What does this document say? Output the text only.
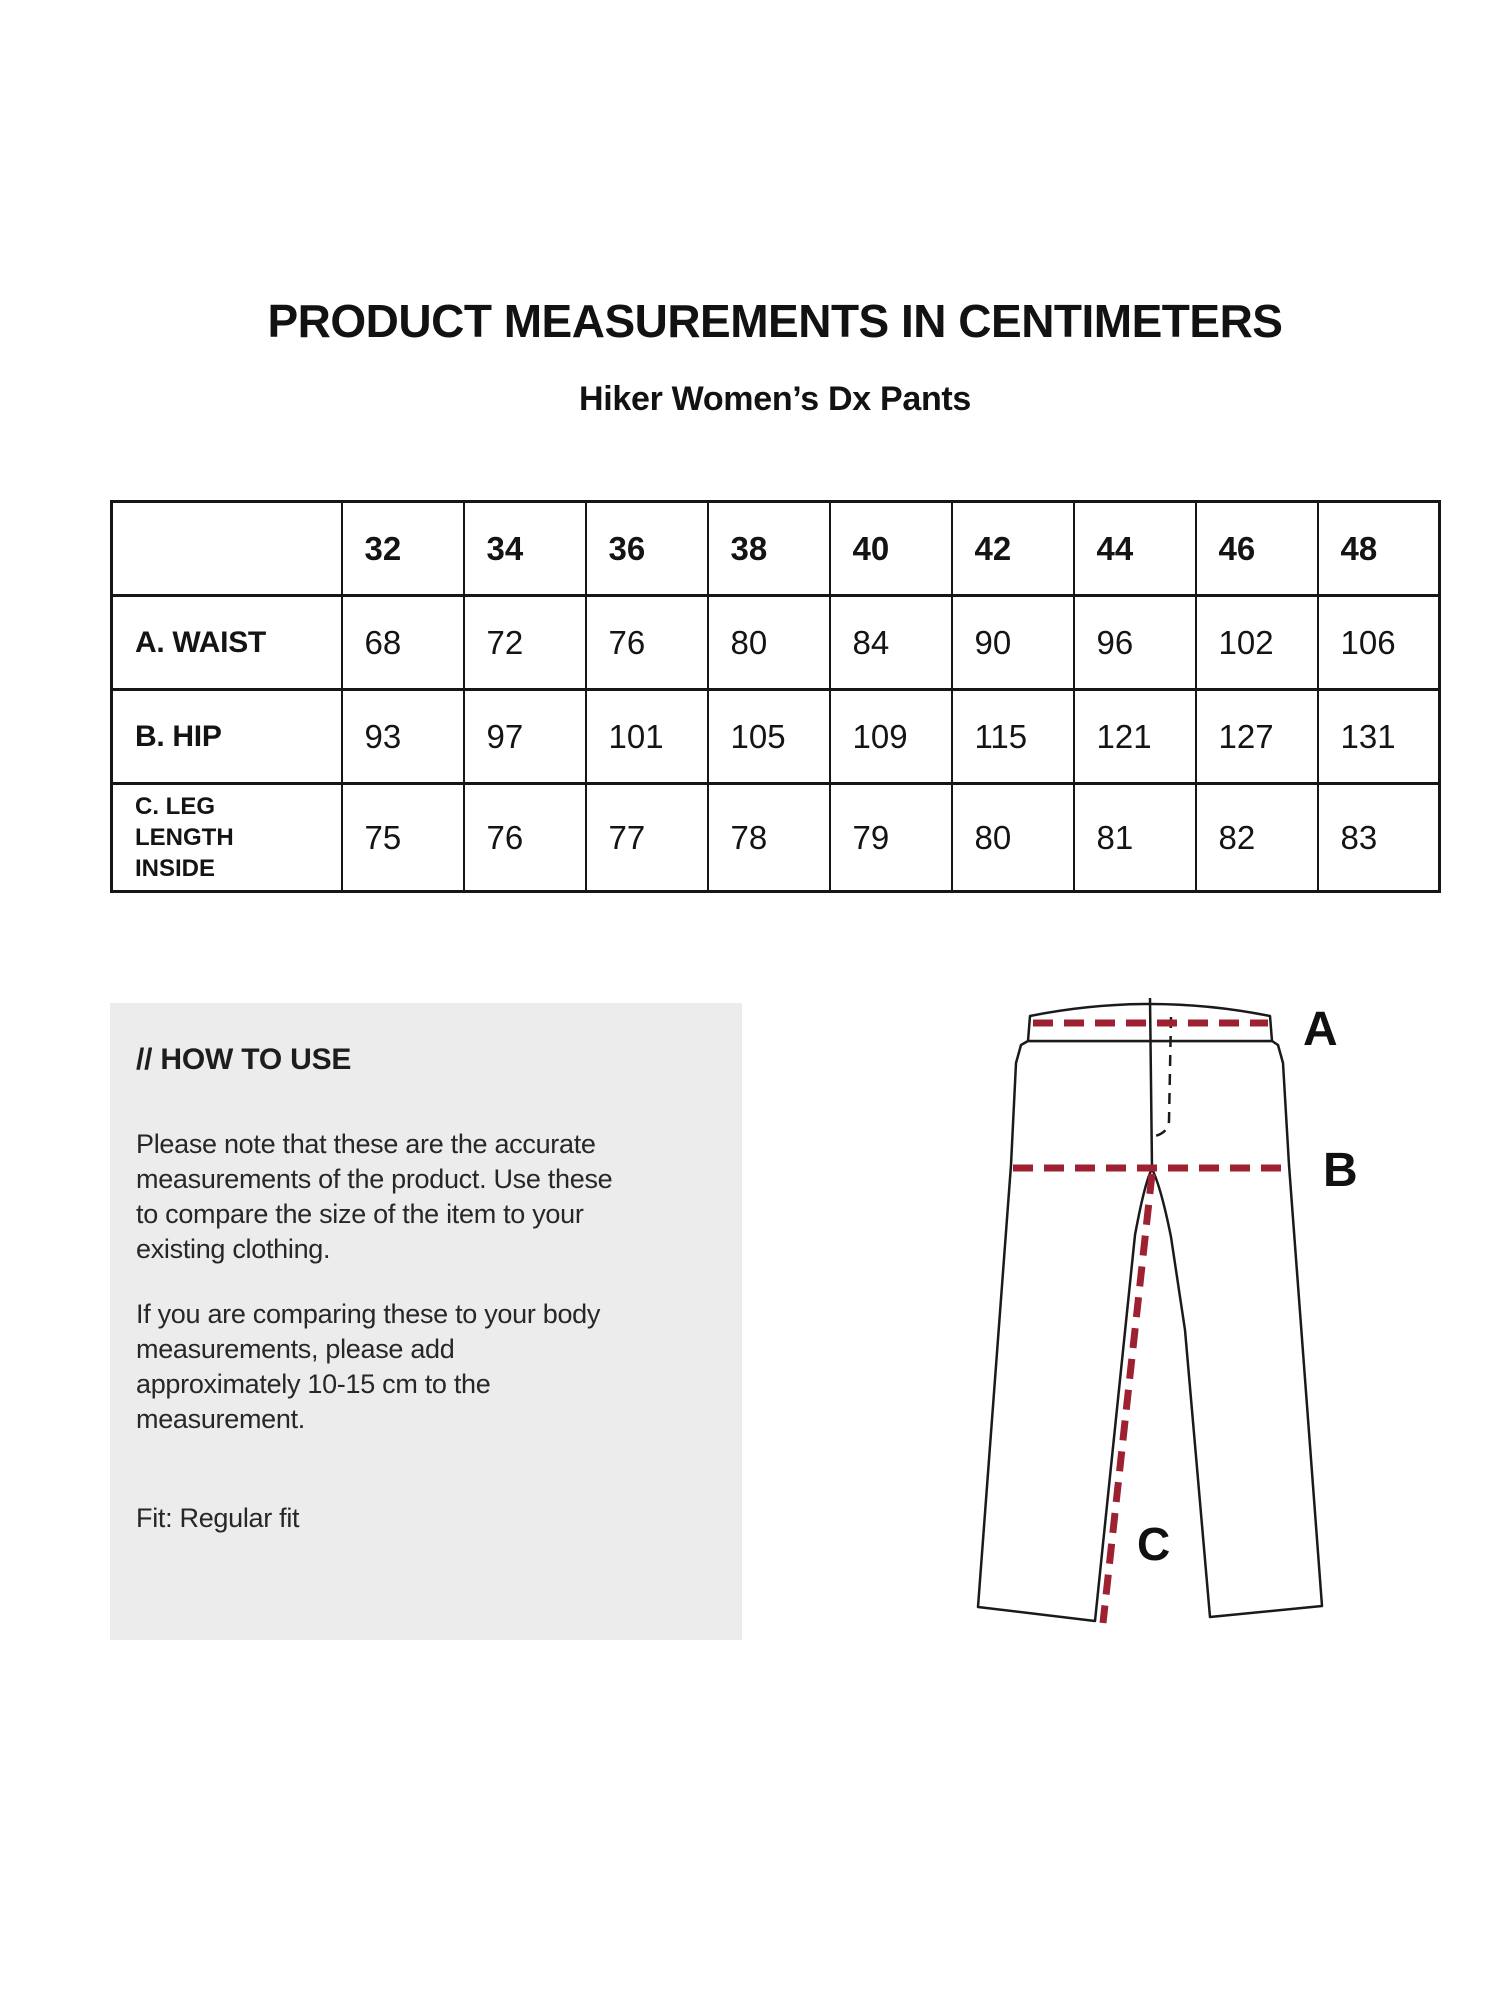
PRODUCT MEASUREMENTS IN CENTIMETERS
Hiker Women’s Dx Pants
	32	34	36	38	40	42	44	46	48
A. WAIST	68	72	76	80	84	90	96	102	106
B. HIP	93	97	101	105	109	115	121	127	131
C. LEG LENGTH INSIDE	75	76	77	78	79	80	81	82	83
// HOW TO USE

Please note that these are the accurate measurements of the product. Use these to compare the size of the item to your existing clothing.

If you are comparing these to your body measurements, please add approximately 10-15 cm to the measurement.

Fit: Regular fit

A
B
C
